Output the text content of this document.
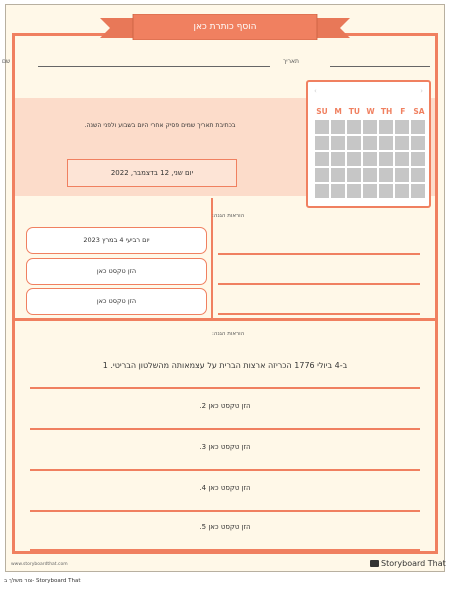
הוסף כותרת כאן
שם	תאריך
בכתיבת תאריך שמים פסיק אחרי היום בשבוע ולפני השנה.
יום שני, 12 בדצמבר, 2022
‹	›
SU M TU W TH	F	SA
הוראות הגנה:
יום רביעי 4 במרץ 2023
הזן טקסט כאן
הזן טקסט כאן
הוראות הגנה:
ב-4 ביולי 1776 הכריזה ארצות הברית על עצמאותה מהשלטון הבריטי. 1
הזן טקסט כאן 2.
הזן טקסט כאן 3.
הזן טקסט כאן 4.
הזן טקסט כאן 5.
www.storyboardthat.com	Storyboard That
צור משלך ב- Storyboard That
